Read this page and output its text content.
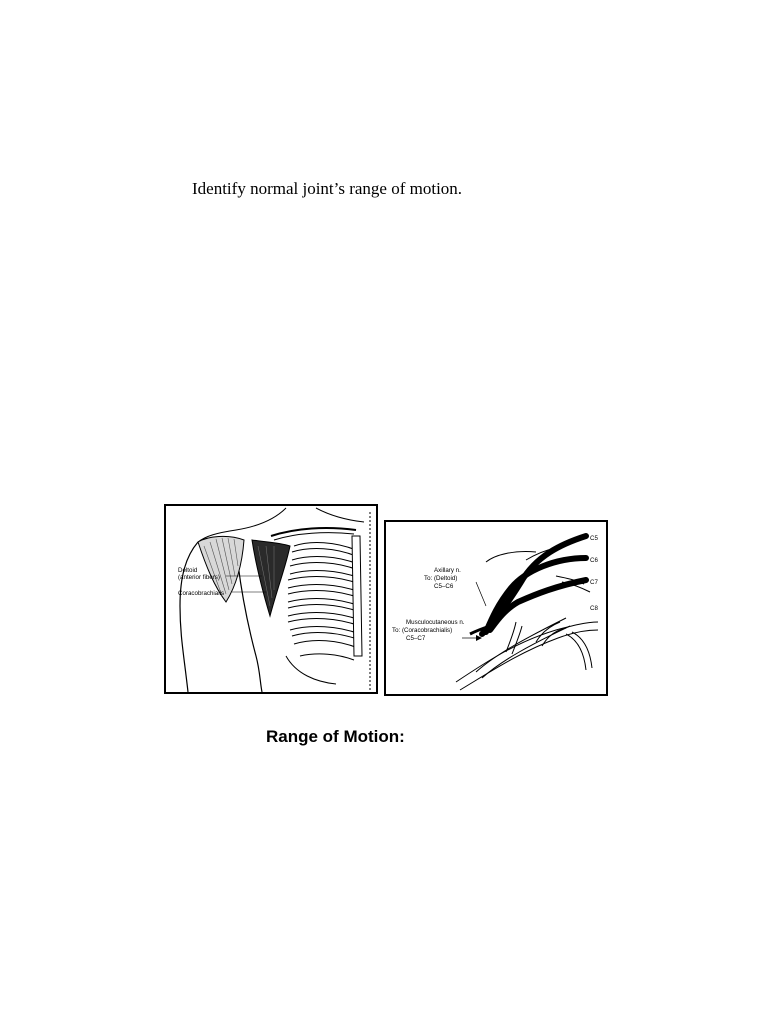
Identify normal joint’s range of motion.
Deltoid
(anterior fibers)
Coracobrachialis
C5
C6
C7
C8
Axillary n.
To: (Deltoid)
C5–C6
Musculocutaneous n.
To: (Coracobrachialis)
C5–C7
Range of Motion:
